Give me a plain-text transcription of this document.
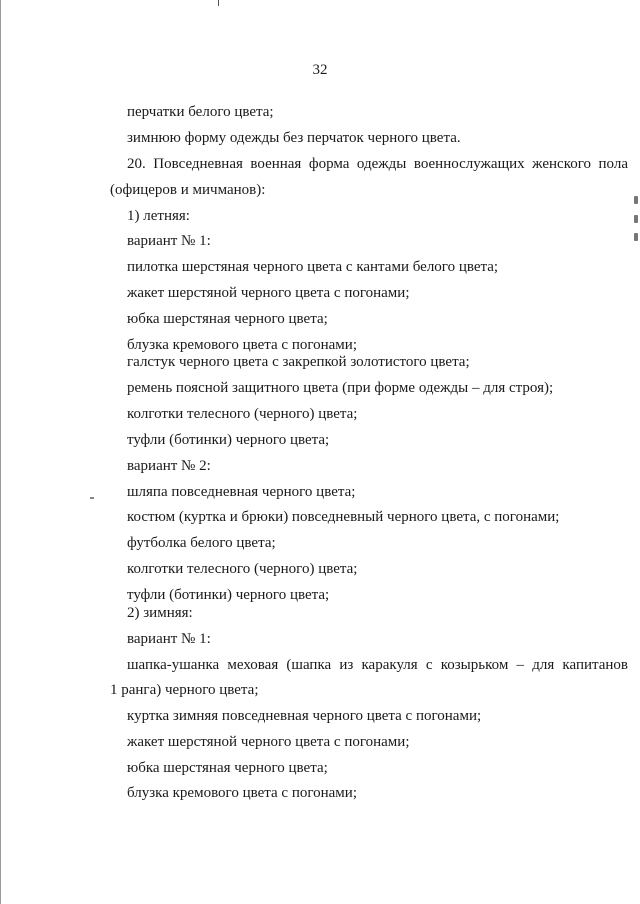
32
перчатки белого цвета;
зимнюю форму одежды без перчаток черного цвета.
20. Повседневная военная форма одежды военнослужащих женского пола
(офицеров и мичманов):
1) летняя:
вариант № 1:
пилотка шерстяная черного цвета с кантами белого цвета;
жакет шерстяной черного цвета с погонами;
юбка шерстяная черного цвета;
блузка кремового цвета с погонами;
галстук черного цвета с закрепкой золотистого цвета;
ремень поясной защитного цвета (при форме одежды – для строя);
колготки телесного (черного) цвета;
туфли (ботинки) черного цвета;
вариант № 2:
шляпа повседневная черного цвета;
костюм (куртка и брюки) повседневный черного цвета, с погонами;
футболка белого цвета;
колготки телесного (черного) цвета;
туфли (ботинки) черного цвета;
2) зимняя:
вариант № 1:
шапка-ушанка меховая (шапка из каракуля с козырьком – для капитанов
1 ранга) черного цвета;
куртка зимняя повседневная черного цвета с погонами;
жакет шерстяной черного цвета с погонами;
юбка шерстяная черного цвета;
блузка кремового цвета с погонами;
